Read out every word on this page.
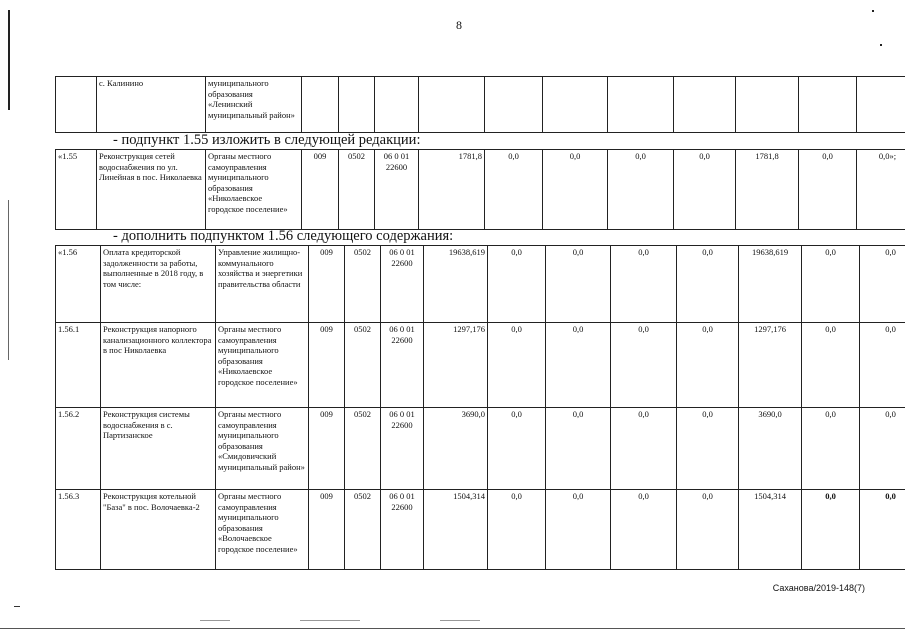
8
	с. Калинино	муниципального образования «Ленинский муниципальный район»											
- подпункт 1.55 изложить в следующей редакции:
«1.55	Реконструкция сетей водоснабжения по ул. Линейная в пос. Николаевка	Органы местного самоуправления муниципального образования «Николаевское городское поселение»	009	0502	06 0 01 22600	1781,8	0,0	0,0	0,0	0,0	1781,8	0,0	0,0»;
- дополнить подпунктом 1.56 следующего содержания:
«1.56	Оплата кредиторской задолженности за работы, выполненные в 2018 году, в том числе:	Управление жилищно-коммунального хозяйства и энергетики правительства области	009	0502	06 0 01 22600	19638,619	0,0	0,0	0,0	0,0	19638,619	0,0	0,0
1.56.1	Реконструкция напорного канализационного коллектора в пос Николаевка	Органы местного самоуправления муниципального образования «Николаевское городское поселение»	009	0502	06 0 01 22600	1297,176	0,0	0,0	0,0	0,0	1297,176	0,0	0,0
1.56.2	Реконструкция системы водоснабжения в с. Партизанское	Органы местного самоуправления муниципального образования «Смидовичский муниципальный район»	009	0502	06 0 01 22600	3690,0	0,0	0,0	0,0	0,0	3690,0	0,0	0,0
1.56.3	Реконструкция котельной "База" в пос. Волочаевка-2	Органы местного самоуправления муниципального образования «Волочаевское городское поселение»	009	0502	06 0 01 22600	1504,314	0,0	0,0	0,0	0,0	1504,314	0,0	0,0
Саханова/2019-148(7)
